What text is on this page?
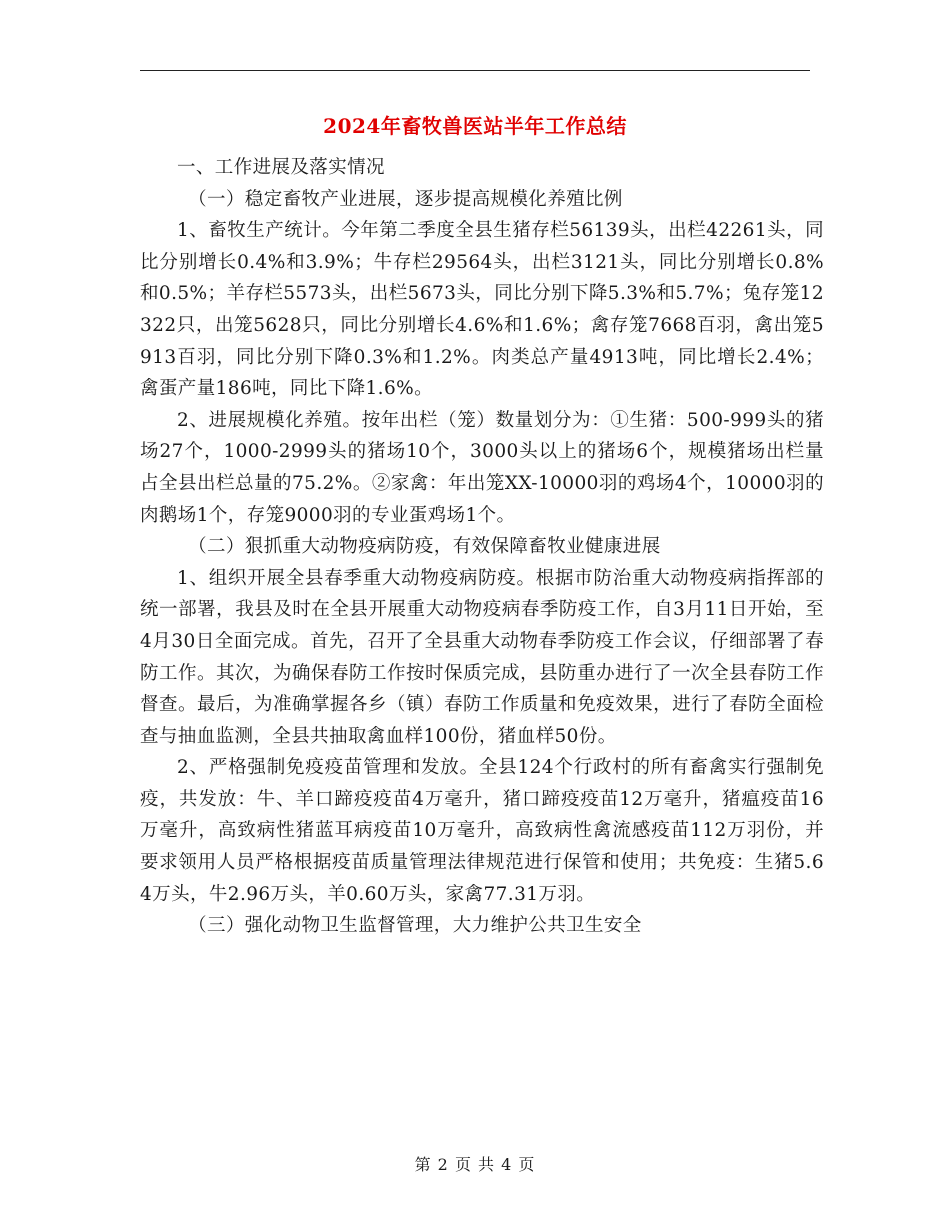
2024年畜牧兽医站半年工作总结

一、工作进展及落实情况

（一）稳定畜牧产业进展，逐步提高规模化养殖比例

1、畜牧生产统计。今年第二季度全县生猪存栏56139头，出栏42261头，同比分别增长0.4%和3.9%；牛存栏29564头，出栏3121头，同比分别增长0.8%和0.5%；羊存栏5573头，出栏5673头，同比分别下降5.3%和5.7%；兔存笼12322只，出笼5628只，同比分别增长4.6%和1.6%；禽存笼7668百羽，禽出笼5913百羽，同比分别下降0.3%和1.2%。肉类总产量4913吨，同比增长2.4%；禽蛋产量186吨，同比下降1.6%。

2、进展规模化养殖。按年出栏（笼）数量划分为：①生猪：500-999头的猪场27个，1000-2999头的猪场10个，3000头以上的猪场6个，规模猪场出栏量占全县出栏总量的75.2%。②家禽：年出笼XX-10000羽的鸡场4个，10000羽的肉鹅场1个，存笼9000羽的专业蛋鸡场1个。

（二）狠抓重大动物疫病防疫，有效保障畜牧业健康进展

1、组织开展全县春季重大动物疫病防疫。根据市防治重大动物疫病指挥部的统一部署，我县及时在全县开展重大动物疫病春季防疫工作，自3月11日开始，至4月30日全面完成。首先，召开了全县重大动物春季防疫工作会议，仔细部署了春防工作。其次，为确保春防工作按时保质完成，县防重办进行了一次全县春防工作督查。最后，为准确掌握各乡（镇）春防工作质量和免疫效果，进行了春防全面检查与抽血监测，全县共抽取禽血样100份，猪血样50份。

2、严格强制免疫疫苗管理和发放。全县124个行政村的所有畜禽实行强制免疫，共发放：牛、羊口蹄疫疫苗4万毫升，猪口蹄疫疫苗12万毫升，猪瘟疫苗16万毫升，高致病性猪蓝耳病疫苗10万毫升，高致病性禽流感疫苗112万羽份，并要求领用人员严格根据疫苗质量管理法律规范进行保管和使用；共免疫：生猪5.64万头，牛2.96万头，羊0.60万头，家禽77.31万羽。

（三）强化动物卫生监督管理，大力维护公共卫生安全

第 2 页 共 4 页
